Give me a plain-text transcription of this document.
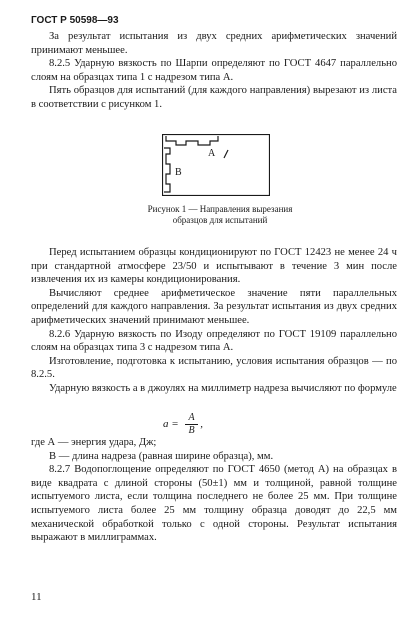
ГОСТ Р 50598—93

За результат испытания из двух средних арифметических значений принимают меньшее.

8.2.5 Ударную вязкость по Шарпи определяют по ГОСТ 4647 параллельно слоям на образцах типа 1 с надрезом типа А.

Пять образцов для испытаний (для каждого направления) вырезают из листа в соответствии с рисунком 1.

А
В
Рисунок 1 — Направления вырезания образцов для испытаний

Перед испытанием образцы кондиционируют по ГОСТ 12423 не менее 24 ч при стандартной атмосфере 23/50 и испытывают в течение 3 мин после извлечения их из камеры кондиционирования.

Вычисляют среднее арифметическое значение пяти параллельных определений для каждого направления. За результат испытания из двух средних арифметических значений принимают меньшее.

8.2.6 Ударную вязкость по Изоду определяют по ГОСТ 19109 параллельно слоям на образцах типа 3 с надрезом типа А.

Изготовление, подготовка к испытанию, условия испытания образцов — по 8.2.5.

Ударную вязкость a в джоулях на миллиметр надреза вычисляют по формуле

$a = \frac{A}{B}$ ,

где А — энергия удара, Дж;

В — длина надреза (равная ширине образца), мм.

8.2.7 Водопоглощение определяют по ГОСТ 4650 (метод А) на образцах в виде квадрата с длиной стороны (50±1) мм и толщиной, равной толщине испытуемого листа, если толщина последнего не более 25 мм. При толщине испытуемого листа более 25 мм толщину образца доводят до 22,5 мм механической обработкой только с одной стороны. Результат испытания выражают в миллиграммах.

11
